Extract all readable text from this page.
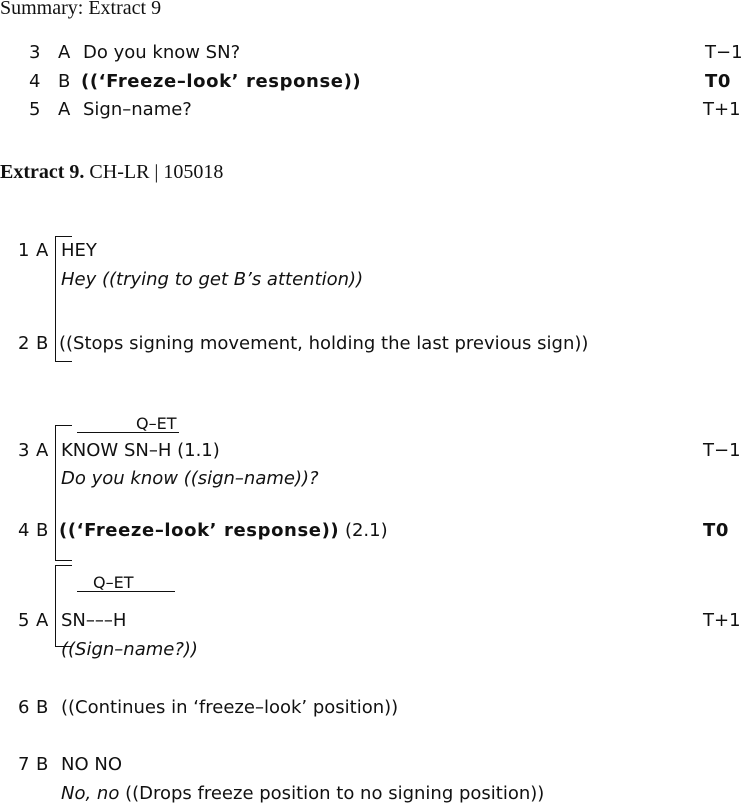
Summary: Extract 9
3 A Do you know SN?	T−1
4 B ((‘Freeze–look’ response))	T0
5 A Sign–name?	T+1
Extract 9. CH-LR | 105018
1 A HEY
Hey ((trying to get B’s attention))
2 B ((Stops signing movement, holding the last previous sign))
Q–ET
3 A KNOW SN–H (1.1)	T−1
Do you know ((sign–name))?
4 B ((‘Freeze–look’ response)) (2.1)	T0
Q–ET
5 A SN–––H	T+1
((Sign–name?))
6 B ((Continues in ‘freeze–look’ position))
7 B NO NO
No, no ((Drops freeze position to no signing position))
